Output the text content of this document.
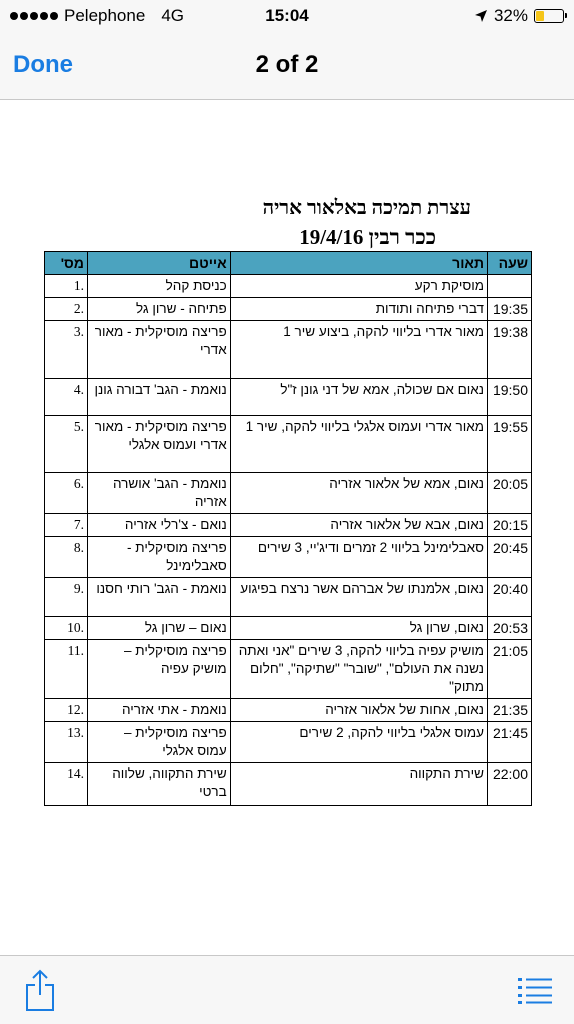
Pelephone 4G	15:04	32%
Done	2 of 2
עצרת תמיכה באלאור אריה
ככר רבין 19/4/16
שעה	תאור	אייטם	מס'
	מוסיקת רקע	כניסת קהל	1.
19:35	דברי פתיחה ותודות	פתיחה - שרון גל	2.
19:38	מאור אדרי בליווי להקה, ביצוע שיר 1	פריצה מוסיקלית - מאור אדרי	3.
19:50	נאום אם שכולה, אמא של דני גונן ז"ל	נואמת - הגב' דבורה גונן	4.
19:55	מאור אדרי ועמוס אלגלי בליווי להקה, שיר 1	פריצה מוסיקלית - מאור אדרי ועמוס אלגלי	5.
20:05	נאום, אמא של אלאור אזריה	נואמת - הגב' אושרה אזריה	6.
20:15	נאום, אבא של אלאור אזריה	נואם - צ'רלי אזריה	7.
20:45	סאבלימינל בליווי 2 זמרים ודיג'יי, 3 שירים	פריצה מוסיקלית - סאבלימינל	8.
20:40	נאום, אלמנתו של אברהם אשר נרצח בפיגוע	נואמת - הגב' רותי חסנו	9.
20:53	נאום, שרון גל	נאום – שרון גל	10.
21:05	מושיק עפיה בליווי להקה, 3 שירים "אני ואתה נשנה את העולם", "שובר" "שתיקה", "חלום מתוק"	פריצה מוסיקלית – מושיק עפיה	11.
21:35	נאום, אחות של אלאור אזריה	נואמת - אתי אזריה	12.
21:45	עמוס אלגלי בליווי להקה, 2 שירים	פריצה מוסיקלית – עמוס אלגלי	13.
22:00	שירת התקווה	שירת התקווה, שלווה ברטי	14.
